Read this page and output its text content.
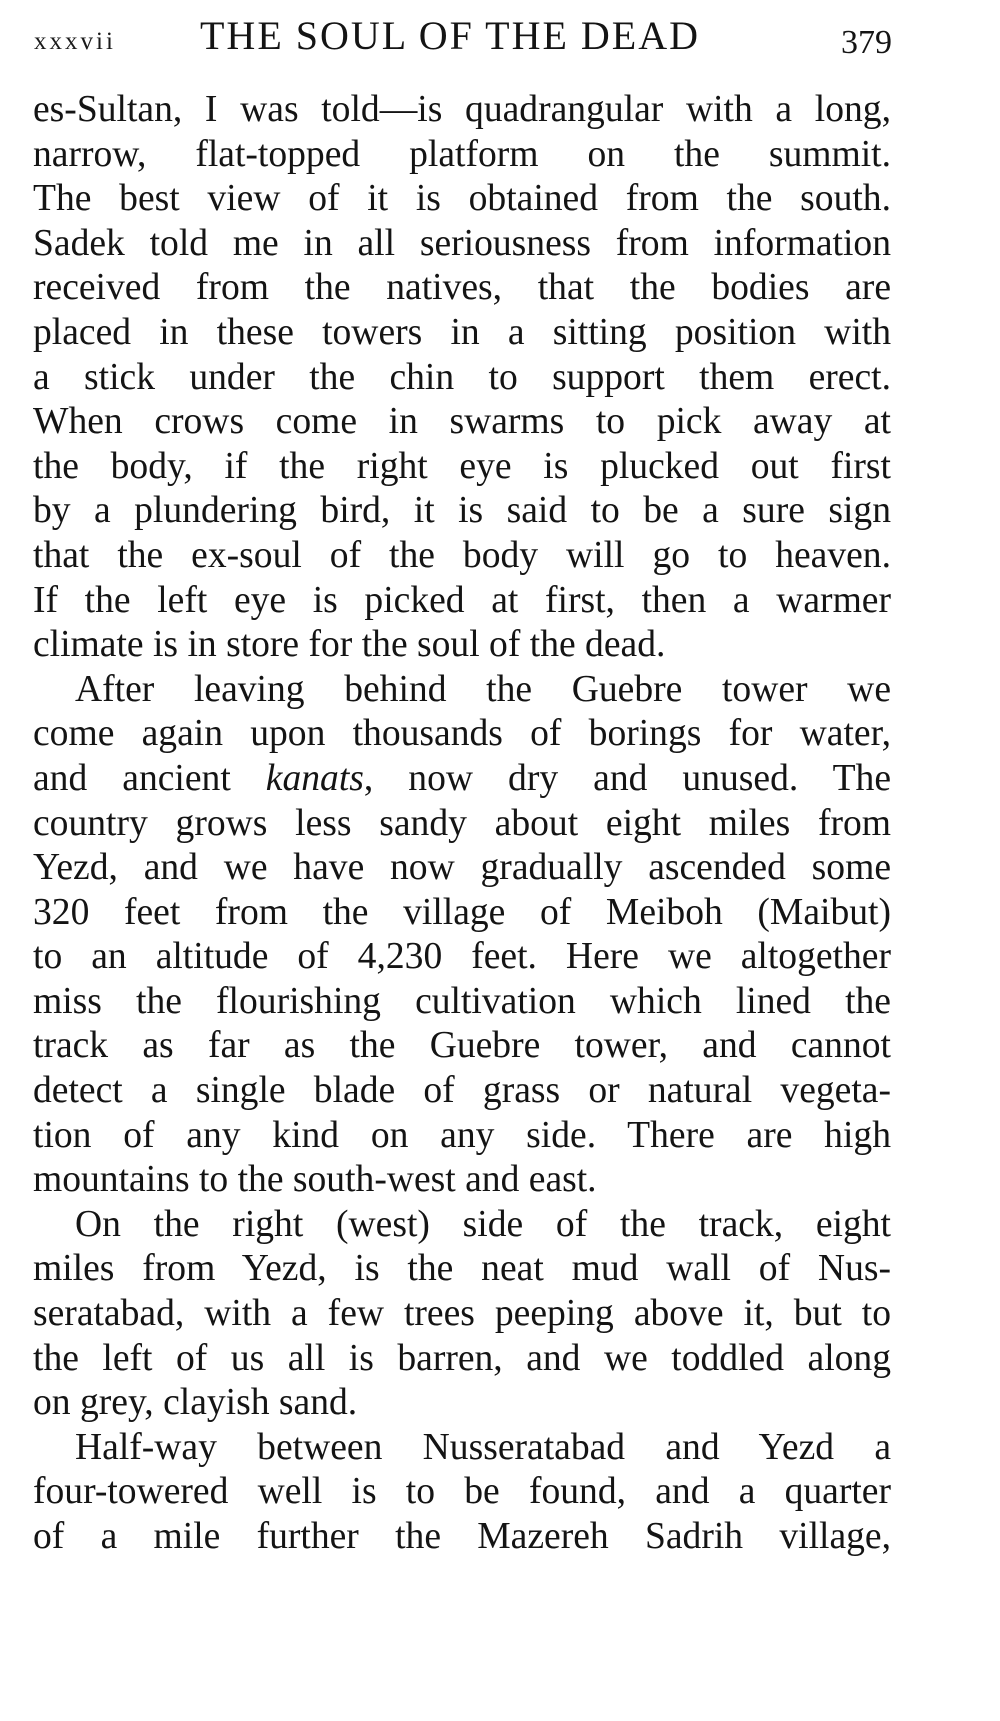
xxxvii THE SOUL OF THE DEAD	379
es-Sultan, I was told—is quadrangular with a long,
narrow, flat-topped platform on the summit.
The best view of it is obtained from the south.
Sadek told me in all seriousness from information
received from the natives, that the bodies are
placed in these towers in a sitting position with
a stick under the chin to support them erect.
When crows come in swarms to pick away at
the body, if the right eye is plucked out first
by a plundering bird, it is said to be a sure sign
that the ex-soul of the body will go to heaven.
If the left eye is picked at first, then a warmer
climate is in store for the soul of the dead.
After leaving behind the Guebre tower we
come again upon thousands of borings for water,
and ancient kanats, now dry and unused. The
country grows less sandy about eight miles from
Yezd, and we have now gradually ascended some
320 feet from the village of Meiboh (Maibut)
to an altitude of 4,230 feet. Here we altogether
miss the flourishing cultivation which lined the
track as far as the Guebre tower, and cannot
detect a single blade of grass or natural vegeta-
tion of any kind on any side. There are high
mountains to the south-west and east.
On the right (west) side of the track, eight
miles from Yezd, is the neat mud wall of Nus-
seratabad, with a few trees peeping above it, but to
the left of us all is barren, and we toddled along
on grey, clayish sand.
Half-way between Nusseratabad and Yezd a
four-towered well is to be found, and a quarter
of a mile further the Mazereh Sadrih village,
